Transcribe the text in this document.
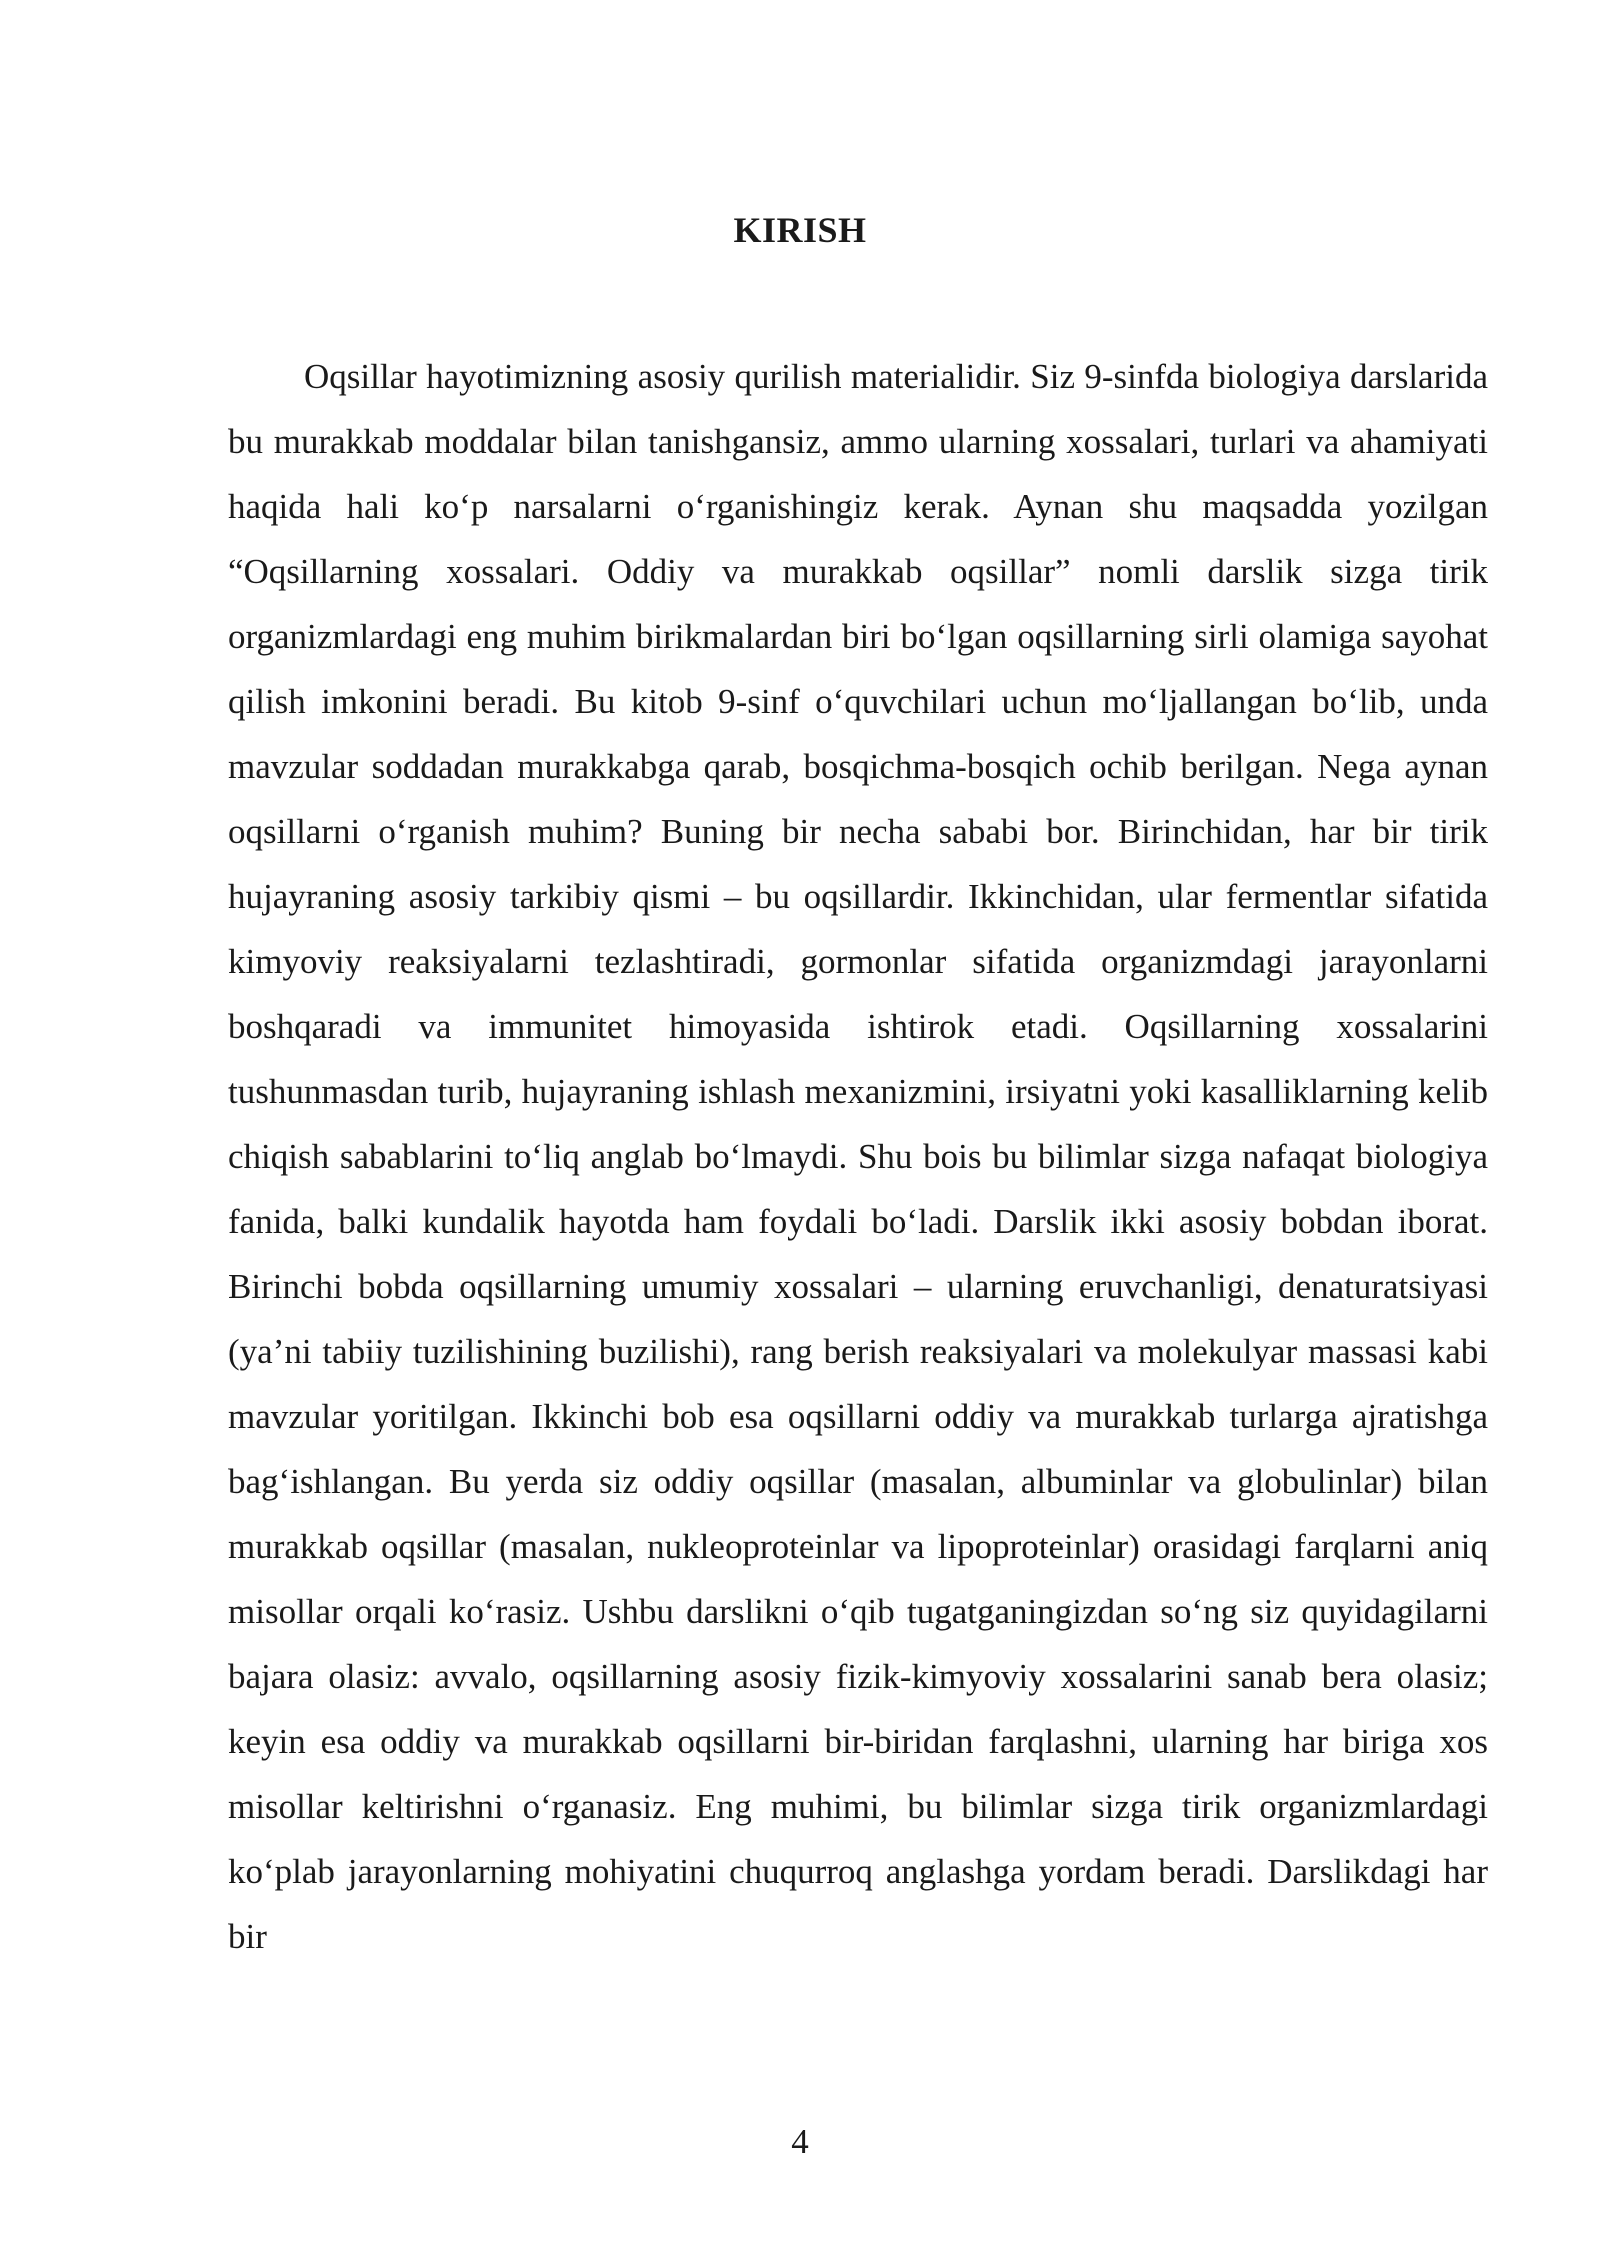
KIRISH

Oqsillar hayotimizning asosiy qurilish materialidir. Siz 9-sinfda biologiya darslarida bu murakkab moddalar bilan tanishgansiz, ammo ularning xossalari, turlari va ahamiyati haqida hali ko‘p narsalarni o‘rganishingiz kerak. Aynan shu maqsadda yozilgan “Oqsillarning xossalari. Oddiy va murakkab oqsillar” nomli darslik sizga tirik organizmlardagi eng muhim birikmalardan biri bo‘lgan oqsillarning sirli olamiga sayohat qilish imkonini beradi. Bu kitob 9-sinf o‘quvchilari uchun mo‘ljallangan bo‘lib, unda mavzular soddadan murakkabga qarab, bosqichma-bosqich ochib berilgan. Nega aynan oqsillarni o‘rganish muhim? Buning bir necha sababi bor. Birinchidan, har bir tirik hujayraning asosiy tarkibiy qismi – bu oqsillardir. Ikkinchidan, ular fermentlar sifatida kimyoviy reaksiyalarni tezlashtiradi, gormonlar sifatida organizmdagi jarayonlarni boshqaradi va immunitet himoyasida ishtirok etadi. Oqsillarning xossalarini tushunmasdan turib, hujayraning ishlash mexanizmini, irsiyatni yoki kasalliklarning kelib chiqish sabablarini to‘liq anglab bo‘lmaydi. Shu bois bu bilimlar sizga nafaqat biologiya fanida, balki kundalik hayotda ham foydali bo‘ladi. Darslik ikki asosiy bobdan iborat. Birinchi bobda oqsillarning umumiy xossalari – ularning eruvchanligi, denaturatsiyasi (ya’ni tabiiy tuzilishining buzilishi), rang berish reaksiyalari va molekulyar massasi kabi mavzular yoritilgan. Ikkinchi bob esa oqsillarni oddiy va murakkab turlarga ajratishga bag‘ishlangan. Bu yerda siz oddiy oqsillar (masalan, albuminlar va globulinlar) bilan murakkab oqsillar (masalan, nukleoproteinlar va lipoproteinlar) orasidagi farqlarni aniq misollar orqali ko‘rasiz. Ushbu darslikni o‘qib tugatganingizdan so‘ng siz quyidagilarni bajara olasiz: avvalo, oqsillarning asosiy fizik-kimyoviy xossalarini sanab bera olasiz; keyin esa oddiy va murakkab oqsillarni bir-biridan farqlashni, ularning har biriga xos misollar keltirishni o‘rganasiz. Eng muhimi, bu bilimlar sizga tirik organizmlardagi ko‘plab jarayonlarning mohiyatini chuqurroq anglashga yordam beradi. Darslikdagi har bir

4
